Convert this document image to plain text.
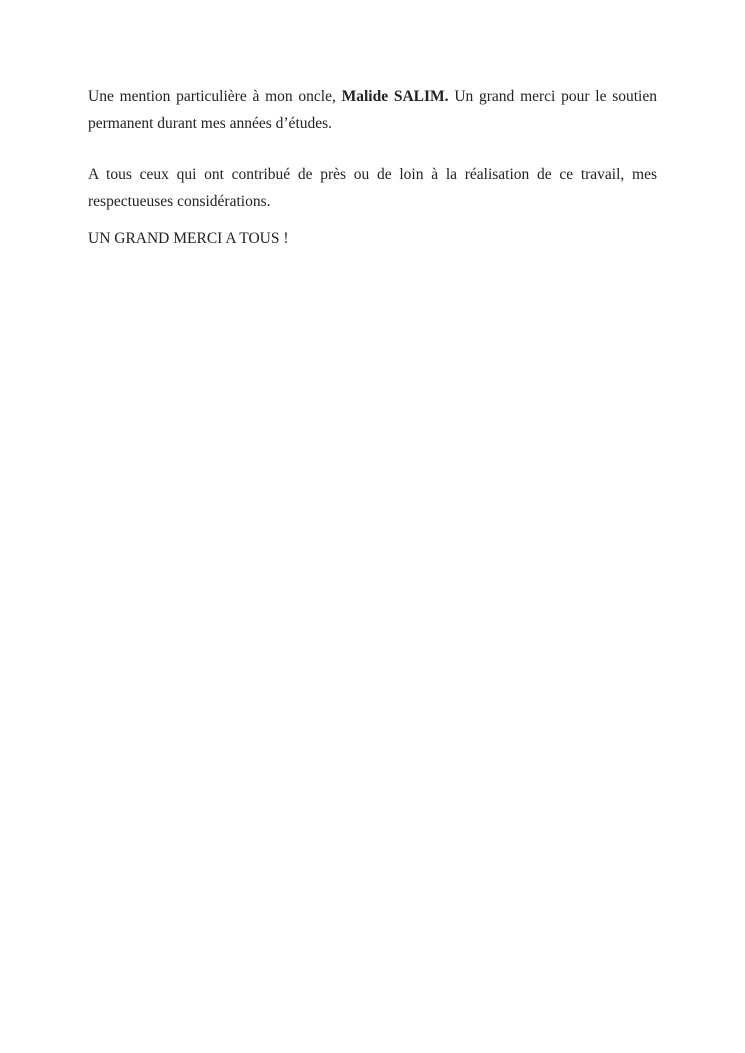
Une mention particulière à mon oncle, Malide SALIM. Un grand merci pour le soutien permanent durant mes années d’études.

A tous ceux qui ont contribué de près ou de loin à la réalisation de ce travail, mes respectueuses considérations.

UN GRAND MERCI A TOUS !
